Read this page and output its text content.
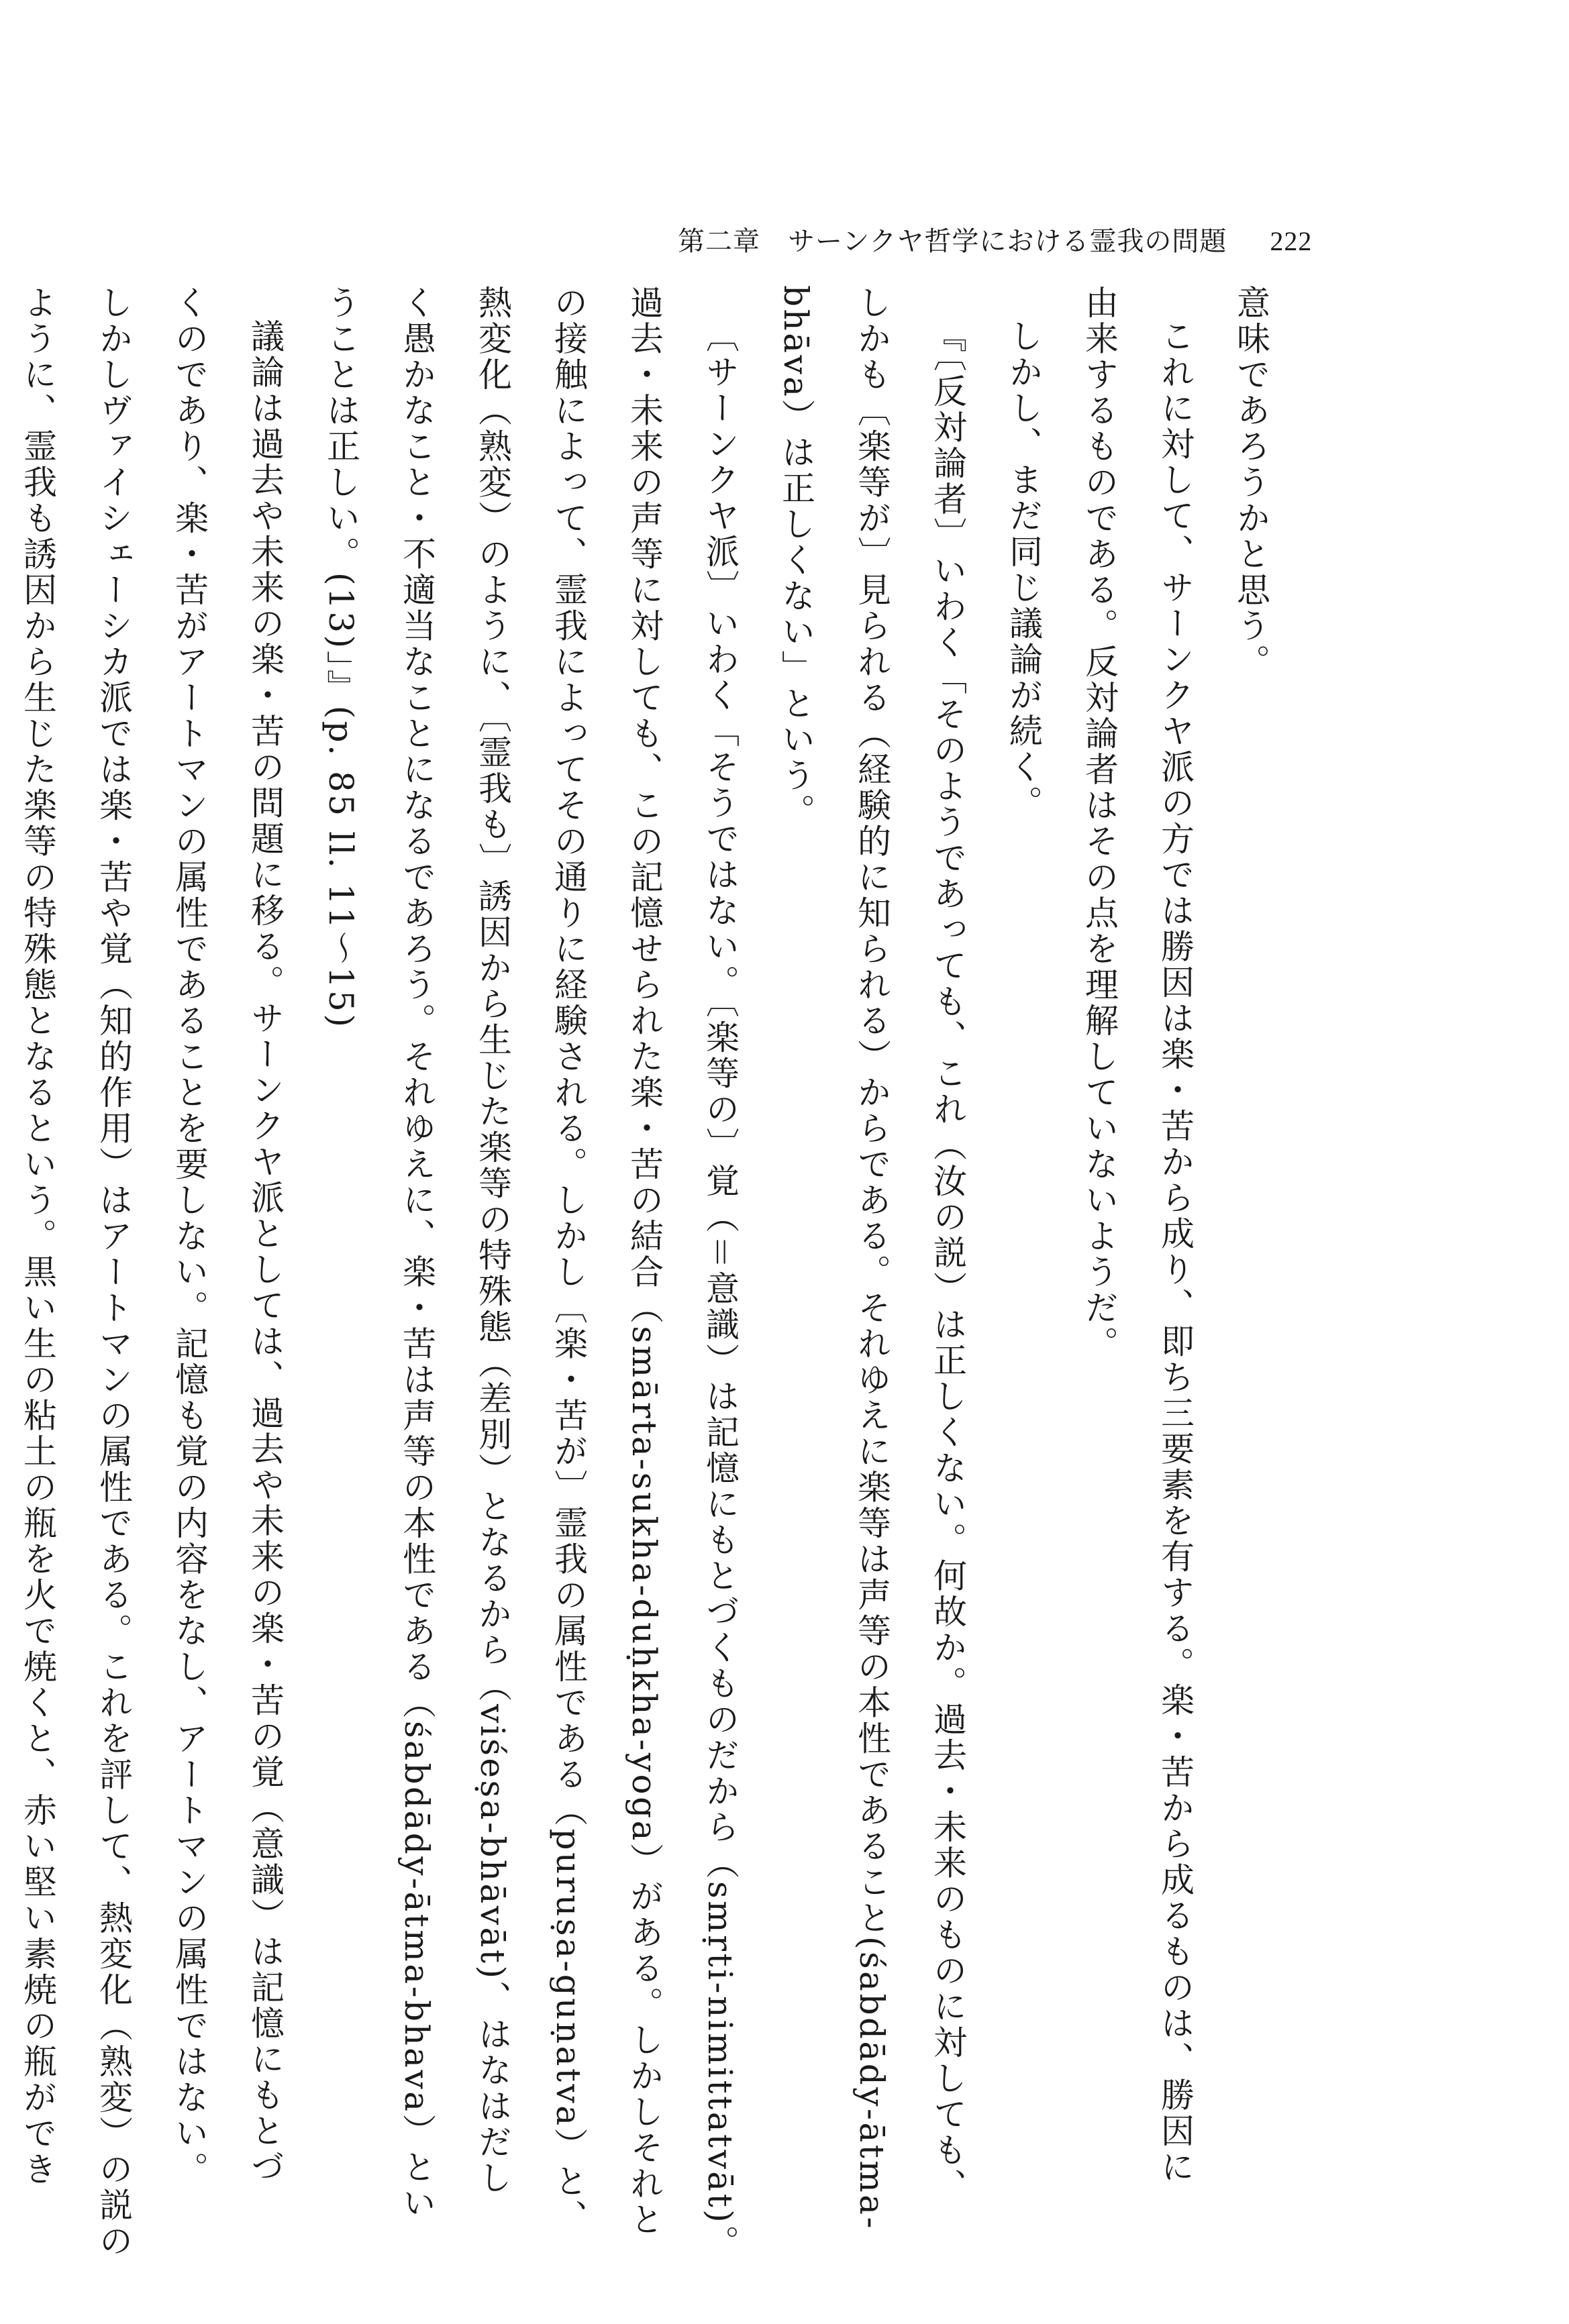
第二章　サーンクヤ哲学における霊我の問題 222

意味であろうかと思う。

これに対して、サーンクヤ派の方では勝因は楽・苦から成り、即ち三要素を有する。楽・苦から成るものは、勝因に

由来するものである。反対論者はその点を理解していないようだ。

しかし、まだ同じ議論が続く。

『〔反対論者〕いわく「そのようであっても、これ（汝の説）は正しくない。何故か。過去・未来のものに対しても、

しかも〔楽等が〕見られる（経験的に知られる）からである。それゆえに楽等は声等の本性であること(śabdādy-ātma-

bhāva）は正しくない」という。

〔サーンクヤ派〕いわく「そうではない。〔楽等の〕覚（＝意識）は記憶にもとづくものだから（smṛti-nimittatvāt)。

過去・未来の声等に対しても、この記憶せられた楽・苦の結合（smārta-sukha-duḥkha-yoga）がある。しかしそれと

の接触によって、霊我によってその通りに経験される。しかし〔楽・苦が〕霊我の属性である（puruṣa-guṇatva）と、

熱変化（熟変）のように、〔霊我も〕誘因から生じた楽等の特殊態（差別）となるから（viśeṣa-bhāvāt)、はなはだし

く愚かなこと・不適当なことになるであろう。それゆえに、楽・苦は声等の本性である（śabdādy-ātma-bhava）とい

うことは正しい。(13)」』(p. 85 ll. 11〜15)

議論は過去や未来の楽・苦の問題に移る。サーンクヤ派としては、過去や未来の楽・苦の覚（意識）は記憶にもとづ

くのであり、楽・苦がアートマンの属性であることを要しない。記憶も覚の内容をなし、アートマンの属性ではない。

しかしヴァイシェーシカ派では楽・苦や覚（知的作用）はアートマンの属性である。これを評して、熱変化（熟変）の説の

ように、霊我も誘因から生じた楽等の特殊態となるという。黒い生の粘土の瓶を火で焼くと、赤い堅い素焼の瓶ができ
